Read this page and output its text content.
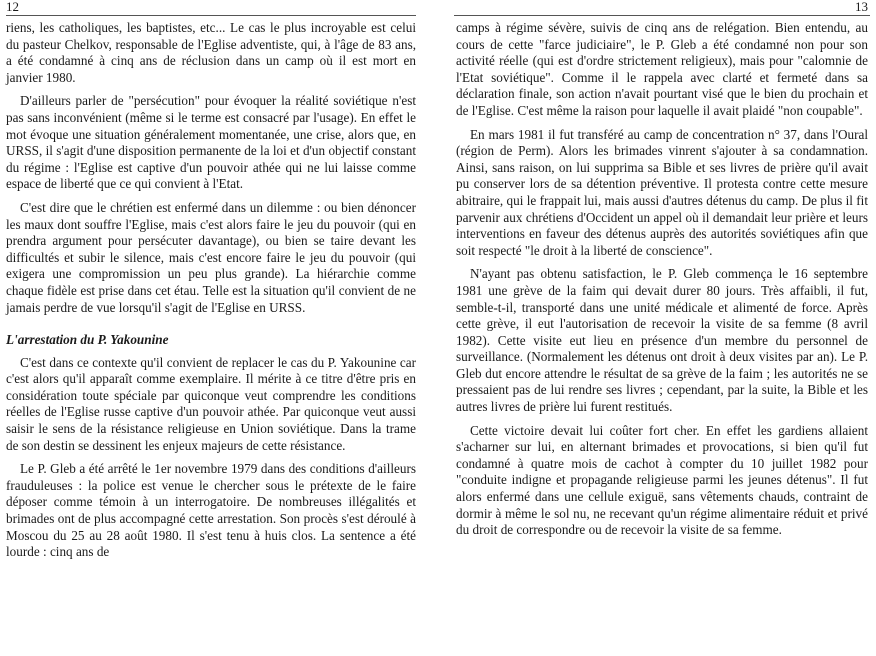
12

riens, les catholiques, les baptistes, etc... Le cas le plus incroyable est celui du pasteur Chelkov, responsable de l'Eglise adventiste, qui, à l'âge de 83 ans, a été condamné à cinq ans de réclusion dans un camp où il est mort en janvier 1980.

D'ailleurs parler de "persécution" pour évoquer la réalité soviétique n'est pas sans inconvénient (même si le terme est consacré par l'usage). En effet le mot évoque une situation généralement momentanée, une crise, alors que, en URSS, il s'agit d'une disposition permanente de la loi et d'un objectif constant du régime : l'Eglise est captive d'un pouvoir athée qui ne lui laisse comme espace de liberté que ce qui convient à l'Etat.

C'est dire que le chrétien est enfermé dans un dilemme : ou bien dénoncer les maux dont souffre l'Eglise, mais c'est alors faire le jeu du pouvoir (qui en prendra argument pour persécuter davantage), ou bien se taire devant les difficultés et subir le silence, mais c'est encore faire le jeu du pouvoir (qui exigera une compromission un peu plus grande). La hiérarchie comme chaque fidèle est prise dans cet étau. Telle est la situation qu'il convient de ne jamais perdre de vue lorsqu'il s'agit de l'Eglise en URSS.

L'arrestation du P. Yakounine

C'est dans ce contexte qu'il convient de replacer le cas du P. Yakounine car c'est alors qu'il apparaît comme exemplaire. Il mérite à ce titre d'être pris en considération toute spéciale par quiconque veut comprendre les conditions réelles de l'Eglise russe captive d'un pouvoir athée. Par quiconque veut aussi saisir le sens de la résistance religieuse en Union soviétique. Dans la trame de son destin se dessinent les enjeux majeurs de cette résistance.

Le P. Gleb a été arrêté le 1er novembre 1979 dans des conditions d'ailleurs frauduleuses : la police est venue le chercher sous le prétexte de le faire déposer comme témoin à un interrogatoire. De nombreuses illégalités et brimades ont de plus accompagné cette arrestation. Son procès s'est déroulé à Moscou du 25 au 28 août 1980. Il s'est tenu à huis clos. La sentence a été lourde : cinq ans de

13

camps à régime sévère, suivis de cinq ans de relégation. Bien entendu, au cours de cette "farce judiciaire", le P. Gleb a été condamné non pour son activité réelle (qui est d'ordre strictement religieux), mais pour "calomnie de l'Etat soviétique". Comme il le rappela avec clarté et fermeté dans sa déclaration finale, son action n'avait pourtant visé que le bien du prochain et de l'Eglise. C'est même la raison pour laquelle il avait plaidé "non coupable".

En mars 1981 il fut transféré au camp de concentration n° 37, dans l'Oural (région de Perm). Alors les brimades vinrent s'ajouter à sa condamnation. Ainsi, sans raison, on lui supprima sa Bible et ses livres de prière qu'il avait pu conserver lors de sa détention préventive. Il protesta contre cette mesure abitraire, qui le frappait lui, mais aussi d'autres détenus du camp. De plus il fit parvenir aux chrétiens d'Occident un appel où il demandait leur prière et leurs interventions en faveur des détenus auprès des autorités soviétiques afin que soit respecté "le droit à la liberté de conscience".

N'ayant pas obtenu satisfaction, le P. Gleb commença le 16 septembre 1981 une grève de la faim qui devait durer 80 jours. Très affaibli, il fut, semble-t-il, transporté dans une unité médicale et alimenté de force. Après cette grève, il eut l'autorisation de recevoir la visite de sa femme (8 avril 1982). Cette visite eut lieu en présence d'un membre du personnel de surveillance. (Normalement les détenus ont droit à deux visites par an). Le P. Gleb dut encore attendre le résultat de sa grève de la faim ; les autorités ne se pressaient pas de lui rendre ses livres ; cependant, par la suite, la Bible et les autres livres de prière lui furent restitués.

Cette victoire devait lui coûter fort cher. En effet les gardiens allaient s'acharner sur lui, en alternant brimades et provocations, si bien qu'il fut condamné à quatre mois de cachot à compter du 10 juillet 1982 pour "conduite indigne et propagande religieuse parmi les jeunes détenus". Il fut alors enfermé dans une cellule exiguë, sans vêtements chauds, contraint de dormir à même le sol nu, ne recevant qu'un régime alimentaire réduit et privé du droit de correspondre ou de recevoir la visite de sa femme.
